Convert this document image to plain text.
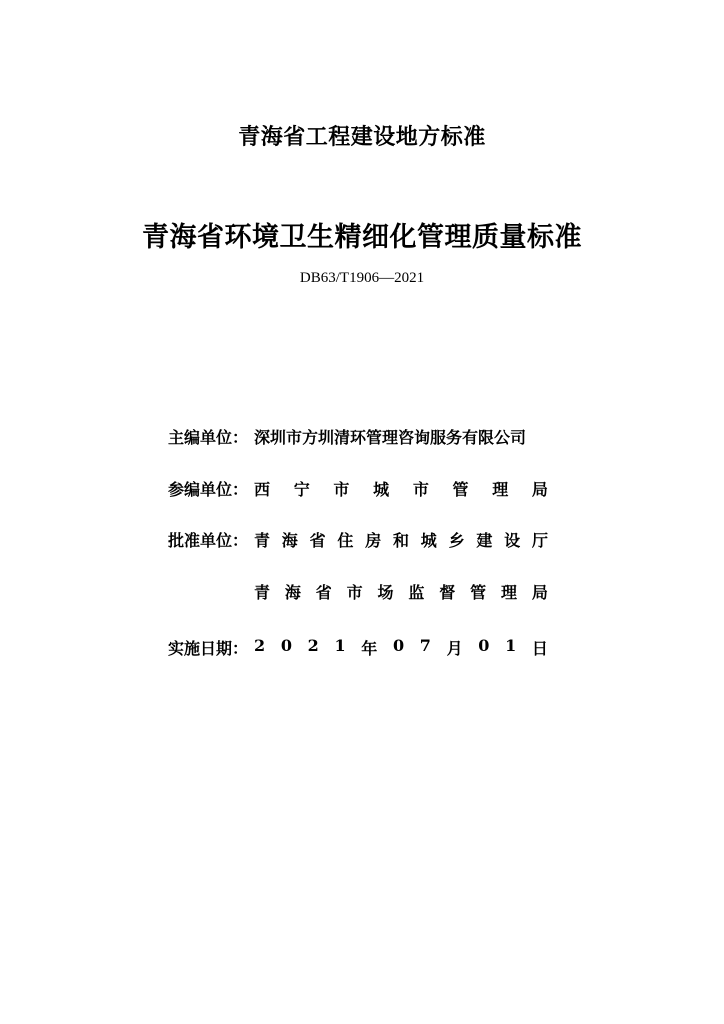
青海省工程建设地方标准
青海省环境卫生精细化管理质量标准
DB63/T1906—2021
主编单位： 深圳市方圳清环管理咨询服务有限公司
参编单位： 西 宁 市 城 市 管 理 局
批准单位： 青 海 省 住 房 和 城 乡 建 设 厅
青 海 省 市 场 监 督 管 理 局
实施日期： 2 0 2 1 年 0 7 月 0 1 日
